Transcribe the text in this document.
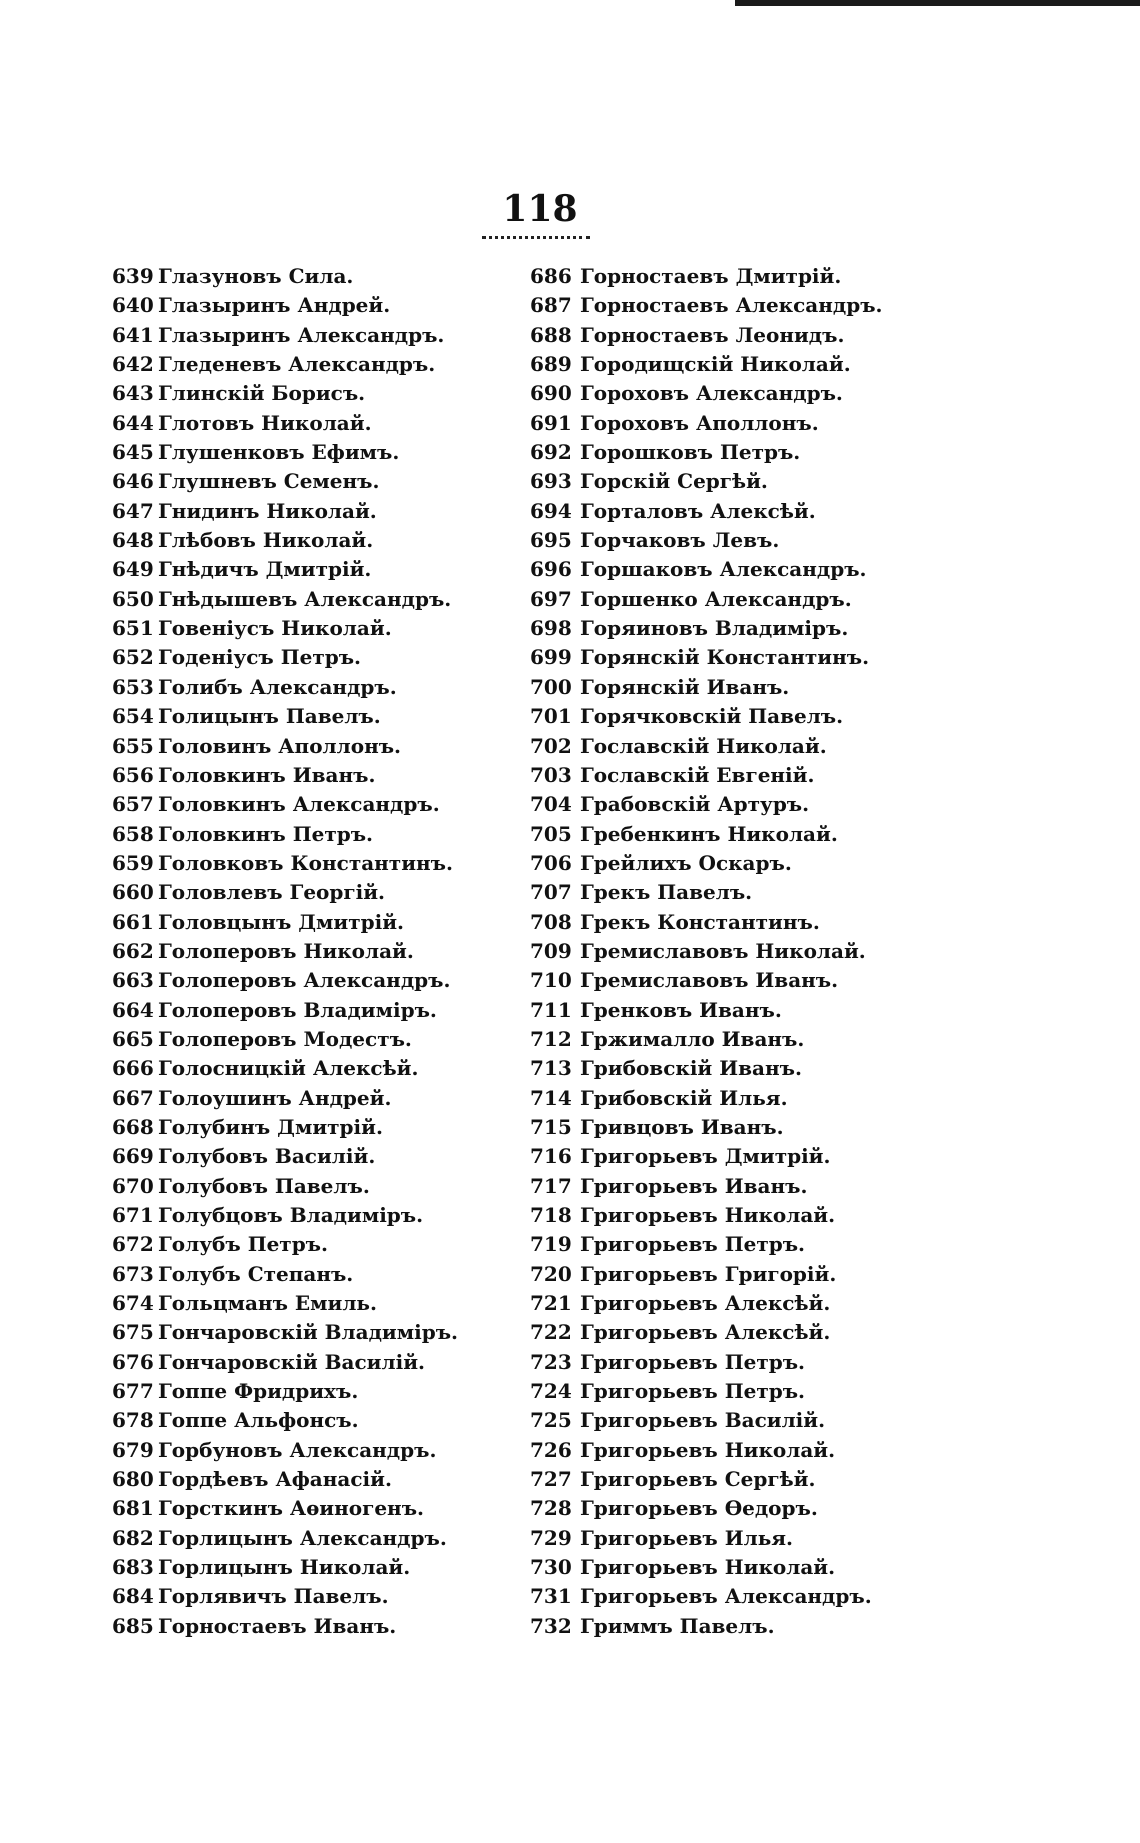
118
639 Глазуновъ Сила.
640 Глазыринъ Андрей.
641 Глазыринъ Александръ.
642 Гледеневъ Александръ.
643 Глинскій Борисъ.
644 Глотовъ Николай.
645 Глушенковъ Ефимъ.
646 Глушневъ Семенъ.
647 Гнидинъ Николай.
648 Глѣбовъ Николай.
649 Гнѣдичъ Дмитрій.
650 Гнѣдышевъ Александръ.
651 Говеніусъ Николай.
652 Годеніусъ Петръ.
653 Голибъ Александръ.
654 Голицынъ Павелъ.
655 Головинъ Аполлонъ.
656 Головкинъ Иванъ.
657 Головкинъ Александръ.
658 Головкинъ Петръ.
659 Головковъ Константинъ.
660 Головлевъ Георгій.
661 Головцынъ Дмитрій.
662 Голоперовъ Николай.
663 Голоперовъ Александръ.
664 Голоперовъ Владиміръ.
665 Голоперовъ Модестъ.
666 Голосницкій Алексѣй.
667 Голоушинъ Андрей.
668 Голубинъ Дмитрій.
669 Голубовъ Василій.
670 Голубовъ Павелъ.
671 Голубцовъ Владиміръ.
672 Голубъ Петръ.
673 Голубъ Степанъ.
674 Гольцманъ Емиль.
675 Гончаровскій Владиміръ.
676 Гончаровскій Василій.
677 Гоппе Фридрихъ.
678 Гоппе Альфонсъ.
679 Горбуновъ Александръ.
680 Гордѣевъ Афанасій.
681 Горсткинъ Аѳиногенъ.
682 Горлицынъ Александръ.
683 Горлицынъ Николай.
684 Горлявичъ Павелъ.
685 Горностаевъ Иванъ.
686 Горностаевъ Дмитрій.
687 Горностаевъ Александръ.
688 Горностаевъ Леонидъ.
689 Городищскій Николай.
690 Гороховъ Александръ.
691 Гороховъ Аполлонъ.
692 Горошковъ Петръ.
693 Горскій Сергѣй.
694 Горталовъ Алексѣй.
695 Горчаковъ Левъ.
696 Горшаковъ Александръ.
697 Горшенко Александръ.
698 Горяиновъ Владиміръ.
699 Горянскій Константинъ.
700 Горянскій Иванъ.
701 Горячковскій Павелъ.
702 Гославскій Николай.
703 Гославскій Евгеній.
704 Грабовскій Артуръ.
705 Гребенкинъ Николай.
706 Грейлихъ Оскаръ.
707 Грекъ Павелъ.
708 Грекъ Константинъ.
709 Гремиславовъ Николай.
710 Гремиславовъ Иванъ.
711 Гренковъ Иванъ.
712 Гржималло Иванъ.
713 Грибовскій Иванъ.
714 Грибовскій Илья.
715 Гривцовъ Иванъ.
716 Григорьевъ Дмитрій.
717 Григорьевъ Иванъ.
718 Григорьевъ Николай.
719 Григорьевъ Петръ.
720 Григорьевъ Григорій.
721 Григорьевъ Алексѣй.
722 Григорьевъ Алексѣй.
723 Григорьевъ Петръ.
724 Григорьевъ Петръ.
725 Григорьевъ Василій.
726 Григорьевъ Николай.
727 Григорьевъ Сергѣй.
728 Григорьевъ Ѳедоръ.
729 Григорьевъ Илья.
730 Григорьевъ Николай.
731 Григорьевъ Александръ.
732 Гриммъ Павелъ.
